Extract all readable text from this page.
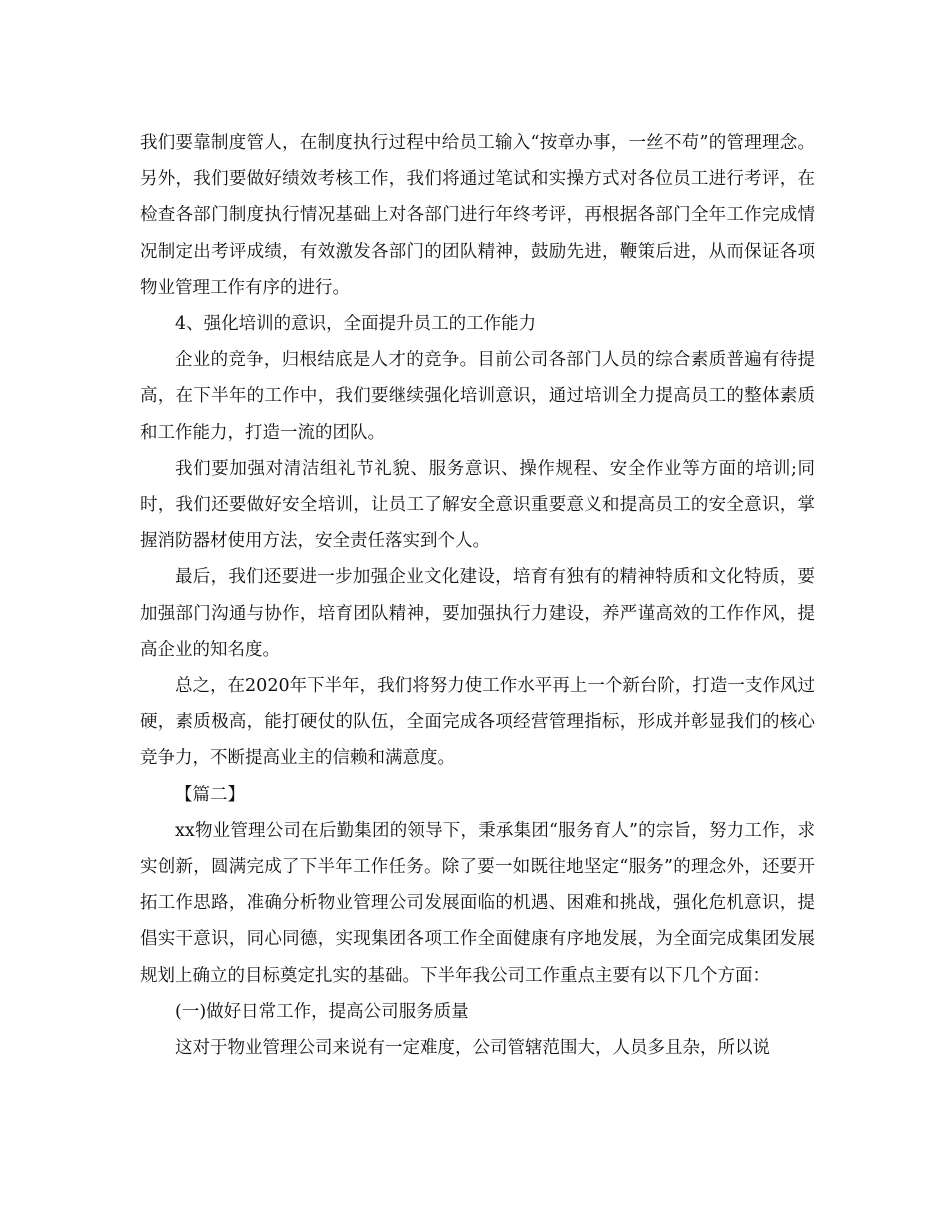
我们要靠制度管人，在制度执行过程中给员工输入“按章办事，一丝不苟”的管理理念。另外，我们要做好绩效考核工作，我们将通过笔试和实操方式对各位员工进行考评，在检查各部门制度执行情况基础上对各部门进行年终考评，再根据各部门全年工作完成情况制定出考评成绩，有效激发各部门的团队精神，鼓励先进，鞭策后进，从而保证各项物业管理工作有序的进行。

4、强化培训的意识，全面提升员工的工作能力

企业的竞争，归根结底是人才的竞争。目前公司各部门人员的综合素质普遍有待提高，在下半年的工作中，我们要继续强化培训意识，通过培训全力提高员工的整体素质和工作能力，打造一流的团队。

我们要加强对清洁组礼节礼貌、服务意识、操作规程、安全作业等方面的培训;同时，我们还要做好安全培训，让员工了解安全意识重要意义和提高员工的安全意识，掌握消防器材使用方法，安全责任落实到个人。

最后，我们还要进一步加强企业文化建设，培育有独有的精神特质和文化特质，要加强部门沟通与协作，培育团队精神，要加强执行力建设，养严谨高效的工作作风，提高企业的知名度。

总之，在2020年下半年，我们将努力使工作水平再上一个新台阶，打造一支作风过硬，素质极高，能打硬仗的队伍，全面完成各项经营管理指标，形成并彰显我们的核心竞争力，不断提高业主的信赖和满意度。

【篇二】

xx物业管理公司在后勤集团的领导下，秉承集团“服务育人”的宗旨，努力工作，求实创新，圆满完成了下半年工作任务。除了要一如既往地坚定“服务”的理念外，还要开拓工作思路，准确分析物业管理公司发展面临的机遇、困难和挑战，强化危机意识，提倡实干意识，同心同德，实现集团各项工作全面健康有序地发展，为全面完成集团发展规划上确立的目标奠定扎实的基础。下半年我公司工作重点主要有以下几个方面：

(一)做好日常工作，提高公司服务质量

这对于物业管理公司来说有一定难度，公司管辖范围大，人员多且杂，所以说
